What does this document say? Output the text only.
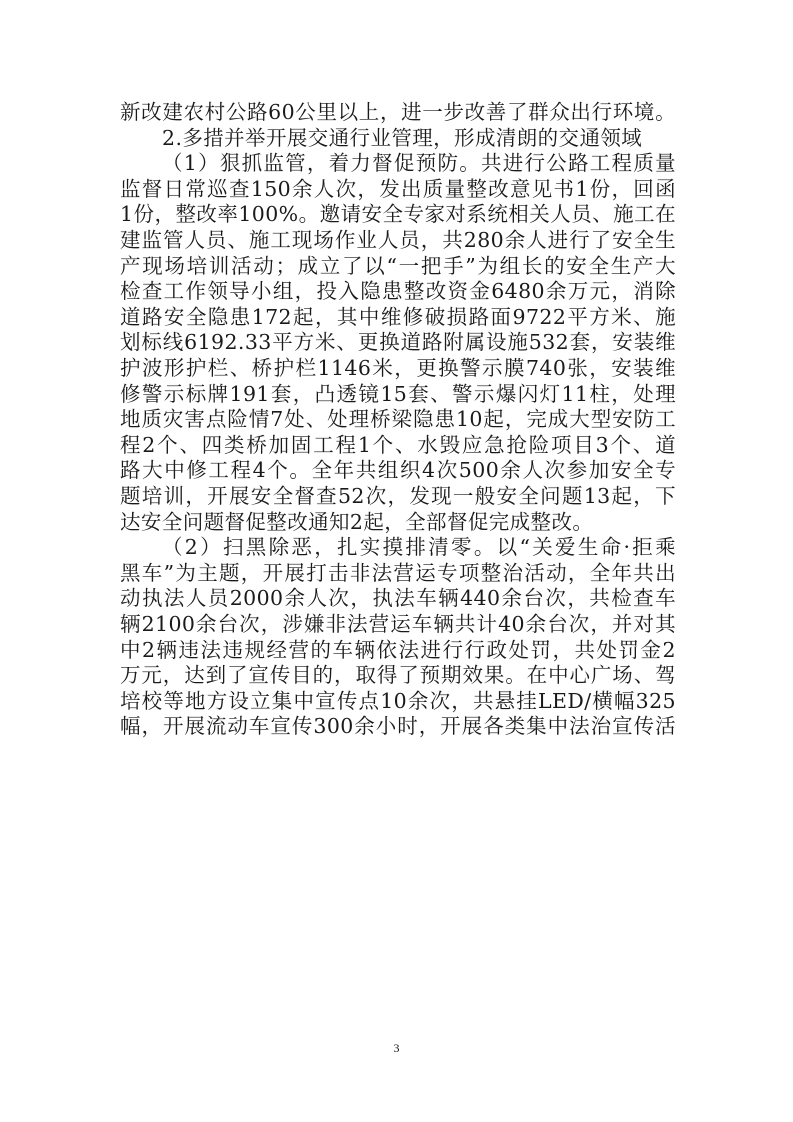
新改建农村公路60公里以上，进一步改善了群众出行环境。
2.多措并举开展交通行业管理，形成清朗的交通领域
（1）狠抓监管，着力督促预防。共进行公路工程质量
监督日常巡查150余人次，发出质量整改意见书1份，回函
1份，整改率100%。邀请安全专家对系统相关人员、施工在
建监管人员、施工现场作业人员，共280余人进行了安全生
产现场培训活动；成立了以“一把手”为组长的安全生产大
检查工作领导小组，投入隐患整改资金6480余万元，消除
道路安全隐患172起，其中维修破损路面9722平方米、施
划标线6192.33平方米、更换道路附属设施532套，安装维
护波形护栏、桥护栏1146米，更换警示膜740张，安装维
修警示标牌191套，凸透镜15套、警示爆闪灯11柱，处理
地质灾害点险情7处、处理桥梁隐患10起，完成大型安防工
程2个、四类桥加固工程1个、水毁应急抢险项目3个、道
路大中修工程4个。全年共组织4次500余人次参加安全专
题培训，开展安全督查52次，发现一般安全问题13起，下
达安全问题督促整改通知2起，全部督促完成整改。
（2）扫黑除恶，扎实摸排清零。以“关爱生命·拒乘
黑车”为主题，开展打击非法营运专项整治活动，全年共出
动执法人员2000余人次，执法车辆440余台次，共检查车
辆2100余台次，涉嫌非法营运车辆共计40余台次，并对其
中2辆违法违规经营的车辆依法进行行政处罚，共处罚金2
万元，达到了宣传目的，取得了预期效果。在中心广场、驾
培校等地方设立集中宣传点10余次，共悬挂LED/横幅325
幅，开展流动车宣传300余小时，开展各类集中法治宣传活
3
